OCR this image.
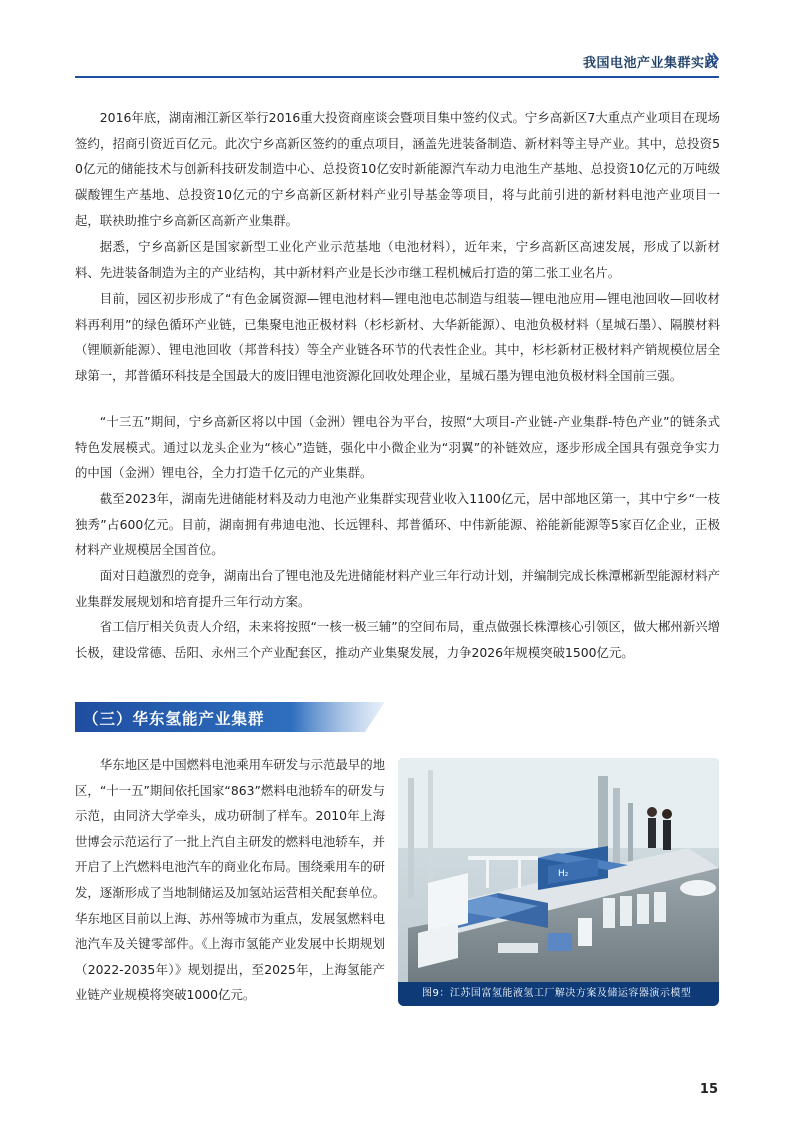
我国电池产业集群实践

2016年底，湖南湘江新区举行2016重大投资商座谈会暨项目集中签约仪式。宁乡高新区7大重点产业项目在现场签约，招商引资近百亿元。此次宁乡高新区签约的重点项目，涵盖先进装备制造、新材料等主导产业。其中，总投资50亿元的储能技术与创新科技研发制造中心、总投资10亿安时新能源汽车动力电池生产基地、总投资10亿元的万吨级碳酸锂生产基地、总投资10亿元的宁乡高新区新材料产业引导基金等项目，将与此前引进的新材料电池产业项目一起，联袂助推宁乡高新区高新产业集群。

据悉，宁乡高新区是国家新型工业化产业示范基地（电池材料），近年来，宁乡高新区高速发展，形成了以新材料、先进装备制造为主的产业结构，其中新材料产业是长沙市继工程机械后打造的第二张工业名片。

目前，园区初步形成了“有色金属资源—锂电池材料—锂电池电芯制造与组装—锂电池应用—锂电池回收—回收材料再利用”的绿色循环产业链，已集聚电池正极材料（杉杉新材、大华新能源）、电池负极材料（星城石墨）、隔膜材料（锂顺新能源）、锂电池回收（邦普科技）等全产业链各环节的代表性企业。其中，杉杉新材正极材料产销规模位居全球第一，邦普循环科技是全国最大的废旧锂电池资源化回收处理企业，星城石墨为锂电池负极材料全国前三强。

“十三五”期间，宁乡高新区将以中国（金洲）锂电谷为平台，按照“大项目-产业链-产业集群-特色产业”的链条式特色发展模式。通过以龙头企业为“核心”造链，强化中小微企业为“羽翼”的补链效应，逐步形成全国具有强竞争实力的中国（金洲）锂电谷，全力打造千亿元的产业集群。

截至2023年，湖南先进储能材料及动力电池产业集群实现营业收入1100亿元，居中部地区第一，其中宁乡“一枝独秀”占600亿元。目前，湖南拥有弗迪电池、长远锂科、邦普循环、中伟新能源、裕能新能源等5家百亿企业，正极材料产业规模居全国首位。

面对日趋激烈的竞争，湖南出台了锂电池及先进储能材料产业三年行动计划，并编制完成长株潭郴新型能源材料产业集群发展规划和培育提升三年行动方案。

省工信厅相关负责人介绍，未来将按照“一核一极三辅”的空间布局，重点做强长株潭核心引领区，做大郴州新兴增长极，建设常德、岳阳、永州三个产业配套区，推动产业集聚发展，力争2026年规模突破1500亿元。

（三）华东氢能产业集群

华东地区是中国燃料电池乘用车研发与示范最早的地区，“十一五”期间依托国家“863”燃料电池轿车的研发与示范，由同济大学牵头，成功研制了样车。2010年上海世博会示范运行了一批上汽自主研发的燃料电池轿车，并开启了上汽燃料电池汽车的商业化布局。围绕乘用车的研发，逐渐形成了当地制储运及加氢站运营相关配套单位。华东地区目前以上海、苏州等城市为重点，发展氢燃料电池汽车及关键零部件。《上海市氢能产业发展中长期规划（2022-2035年）》规划提出，至2025年，上海氢能产业链产业规模将突破1000亿元。

H₂
图9：江苏国富氢能液氢工厂解决方案及储运容器演示模型
15
